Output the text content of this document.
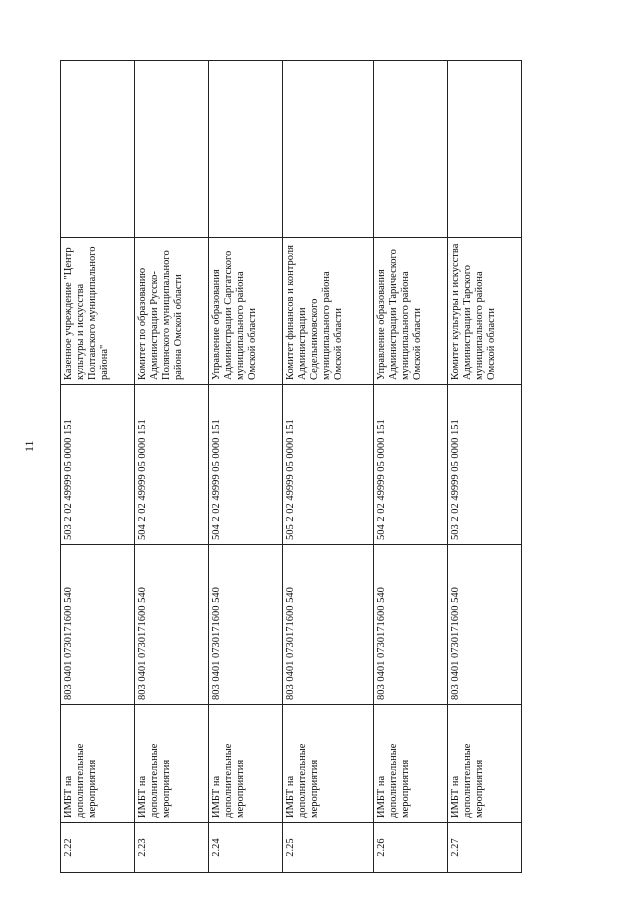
11
2.22	ИМБТ на дополнительные мероприятия	803 0401 0730171600 540	503 2 02 49999 05 0000 151	Казенное учреждение "Центр культуры и искусства Полтавского муниципального района"	
2.23	ИМБТ на дополнительные мероприятия	803 0401 0730171600 540	504 2 02 49999 05 0000 151	Комитет по образованию Администрации Русско-Полянского муниципального района Омской области	
2.24	ИМБТ на дополнительные мероприятия	803 0401 0730171600 540	504 2 02 49999 05 0000 151	Управление образования Администрации Саргатского муниципального района Омской области	
2.25	ИМБТ на дополнительные мероприятия	803 0401 0730171600 540	505 2 02 49999 05 0000 151	Комитет финансов и контроля Администрации Седельниковского муниципального района Омской области	
2.26	ИМБТ на дополнительные мероприятия	803 0401 0730171600 540	504 2 02 49999 05 0000 151	Управление образования Администрации Тарического муниципального района Омской области	
2.27	ИМБТ на дополнительные мероприятия	803 0401 0730171600 540	503 2 02 49999 05 0000 151	Комитет культуры и искусства Администрации Тарского муниципального района Омской области	
